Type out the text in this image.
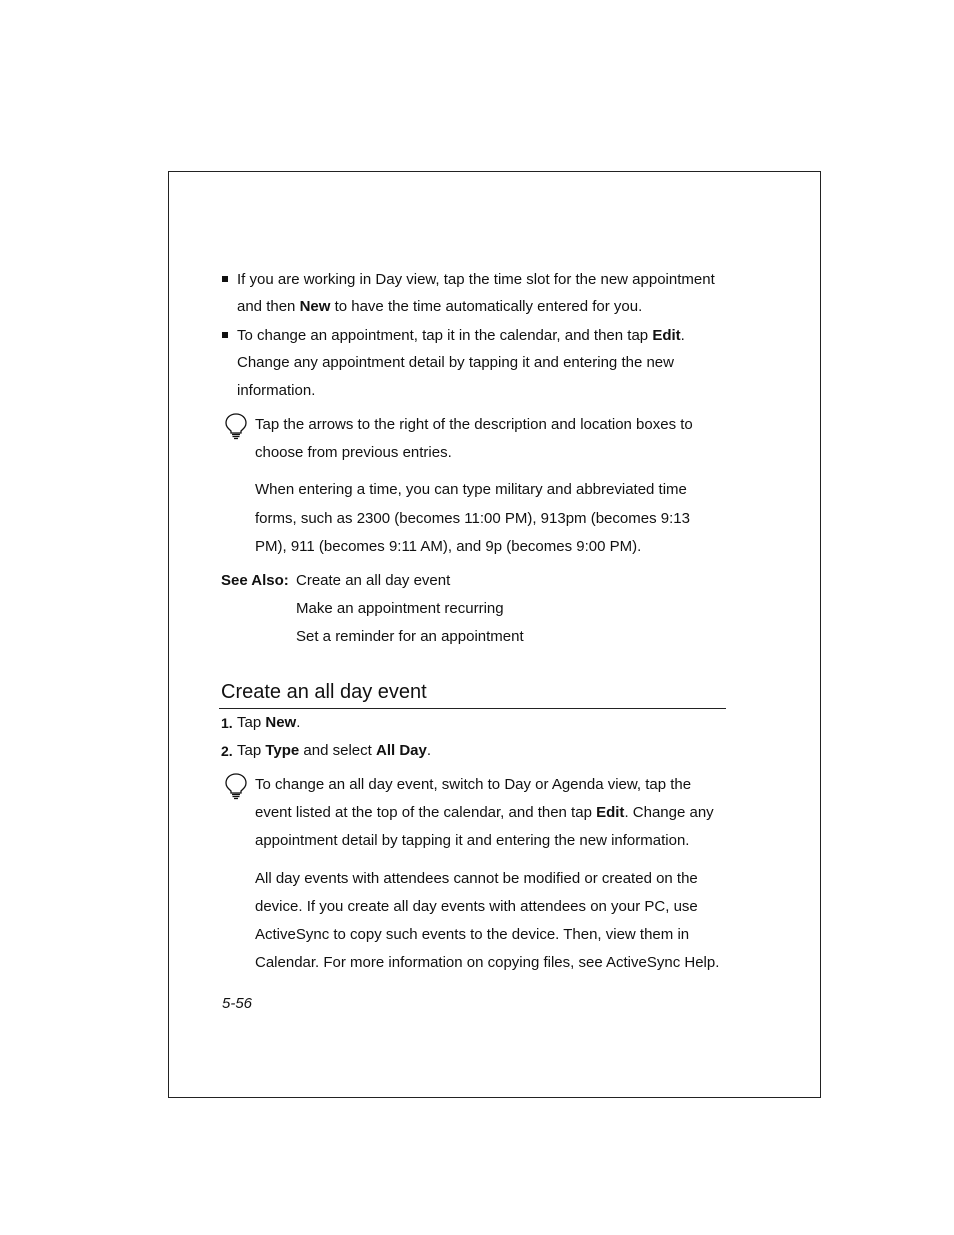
If you are working in Day view, tap the time slot for the new appointment
and then New to have the time automatically entered for you.
To change an appointment, tap it in the calendar, and then tap Edit.
Change any appointment detail by tapping it and entering the new
information.
Tap the arrows to the right of the description and location boxes to
choose from previous entries.
When entering a time, you can type military and abbreviated time
forms, such as 2300 (becomes 11:00 PM), 913pm (becomes 9:13
PM), 911 (becomes 9:11 AM), and 9p (becomes 9:00 PM).
See Also: Create an all day event
Make an appointment recurring
Set a reminder for an appointment
Create an all day event
1. Tap New.
2. Tap Type and select All Day.
To change an all day event, switch to Day or Agenda view, tap the
event listed at the top of the calendar, and then tap Edit. Change any
appointment detail by tapping it and entering the new information.
All day events with attendees cannot be modified or created on the
device. If you create all day events with attendees on your PC, use
ActiveSync to copy such events to the device. Then, view them in
Calendar. For more information on copying files, see ActiveSync Help.
5-56
